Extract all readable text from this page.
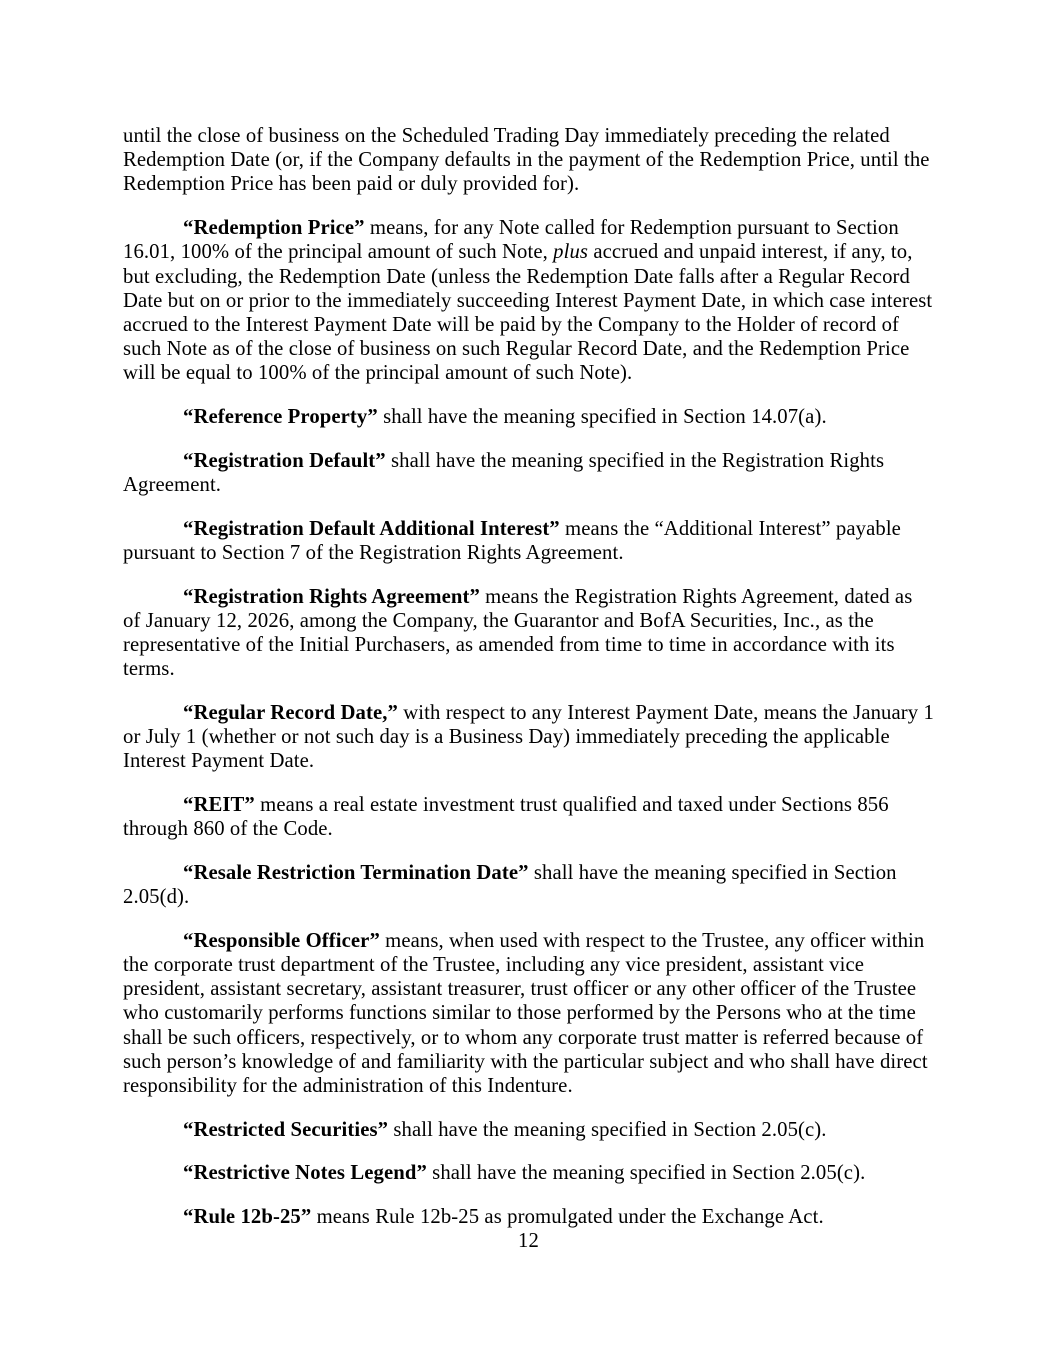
until the close of business on the Scheduled Trading Day immediately preceding the related Redemption Date (or, if the Company defaults in the payment of the Redemption Price, until the Redemption Price has been paid or duly provided for).

“Redemption Price” means, for any Note called for Redemption pursuant to Section 16.01, 100% of the principal amount of such Note, plus accrued and unpaid interest, if any, to, but excluding, the Redemption Date (unless the Redemption Date falls after a Regular Record Date but on or prior to the immediately succeeding Interest Payment Date, in which case interest accrued to the Interest Payment Date will be paid by the Company to the Holder of record of such Note as of the close of business on such Regular Record Date, and the Redemption Price will be equal to 100% of the principal amount of such Note).

“Reference Property” shall have the meaning specified in Section 14.07(a).

“Registration Default” shall have the meaning specified in the Registration Rights Agreement.

“Registration Default Additional Interest” means the “Additional Interest” payable pursuant to Section 7 of the Registration Rights Agreement.

“Registration Rights Agreement” means the Registration Rights Agreement, dated as of January 12, 2026, among the Company, the Guarantor and BofA Securities, Inc., as the representative of the Initial Purchasers, as amended from time to time in accordance with its terms.

“Regular Record Date,” with respect to any Interest Payment Date, means the January 1 or July 1 (whether or not such day is a Business Day) immediately preceding the applicable Interest Payment Date.

“REIT” means a real estate investment trust qualified and taxed under Sections 856 through 860 of the Code.

“Resale Restriction Termination Date” shall have the meaning specified in Section 2.05(d).

“Responsible Officer” means, when used with respect to the Trustee, any officer within the corporate trust department of the Trustee, including any vice president, assistant vice president, assistant secretary, assistant treasurer, trust officer or any other officer of the Trustee who customarily performs functions similar to those performed by the Persons who at the time shall be such officers, respectively, or to whom any corporate trust matter is referred because of such person’s knowledge of and familiarity with the particular subject and who shall have direct responsibility for the administration of this Indenture.

“Restricted Securities” shall have the meaning specified in Section 2.05(c).

“Restrictive Notes Legend” shall have the meaning specified in Section 2.05(c).

“Rule 12b-25” means Rule 12b-25 as promulgated under the Exchange Act.

12
